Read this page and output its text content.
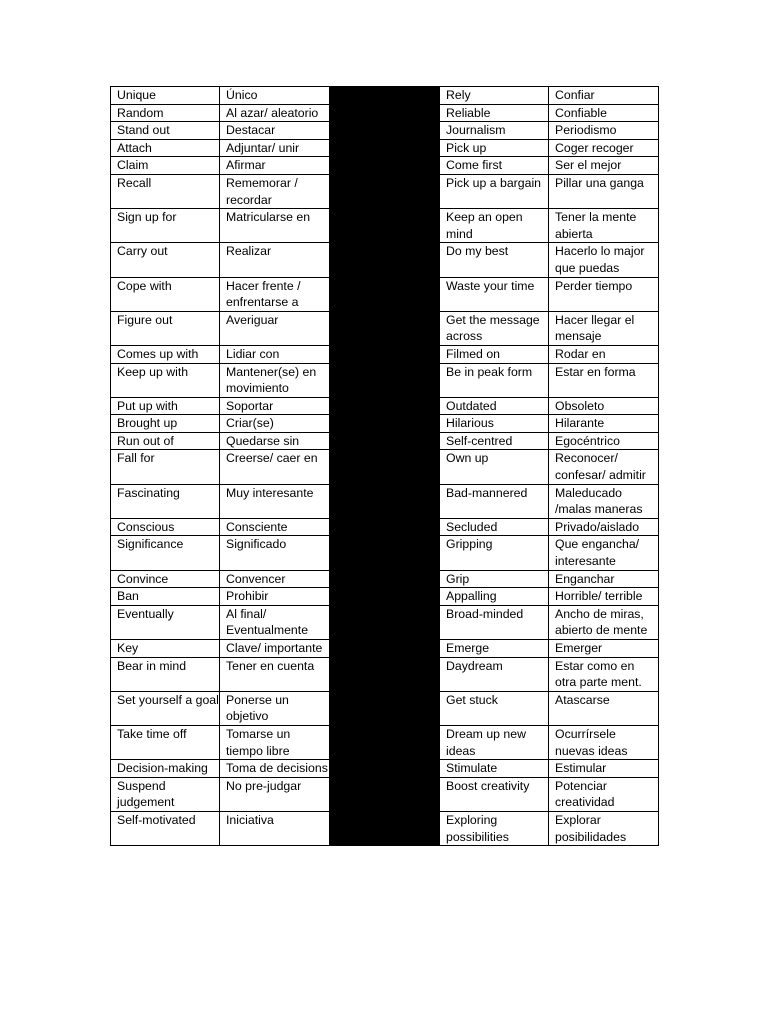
Unique	Único		Rely	Confiar
Random	Al azar/ aleatorio		Reliable	Confiable
Stand out	Destacar		Journalism	Periodismo
Attach	Adjuntar/ unir		Pick up	Coger recoger
Claim	Afirmar		Come first	Ser el mejor
Recall	Rememorar / recordar		Pick up a bargain	Pillar una ganga
Sign up for	Matricularse en		Keep an open mind	Tener la mente abierta
Carry out	Realizar		Do my best	Hacerlo lo major que puedas
Cope with	Hacer frente / enfrentarse a		Waste your time	Perder tiempo
Figure out	Averiguar		Get the message across	Hacer llegar el mensaje
Comes up with	Lidiar con		Filmed on	Rodar en
Keep up with	Mantener(se) en movimiento		Be in peak form	Estar en forma
Put up with	Soportar		Outdated	Obsoleto
Brought up	Criar(se)		Hilarious	Hilarante
Run out of	Quedarse sin		Self-centred	Egocéntrico
Fall for	Creerse/ caer en		Own up	Reconocer/ confesar/ admitir
Fascinating	Muy interesante		Bad-mannered	Maleducado /malas maneras
Conscious	Consciente		Secluded	Privado/aislado
Significance	Significado		Gripping	Que engancha/ interesante
Convince	Convencer		Grip	Enganchar
Ban	Prohibir		Appalling	Horrible/ terrible
Eventually	Al final/ Eventualmente		Broad-minded	Ancho de miras, abierto de mente
Key	Clave/ importante		Emerge	Emerger
Bear in mind	Tener en cuenta		Daydream	Estar como en otra parte ment.
Set yourself a goal	Ponerse un objetivo		Get stuck	Atascarse
Take time off	Tomarse un tiempo libre		Dream up new ideas	Ocurrírsele nuevas ideas
Decision-making	Toma de decisions		Stimulate	Estimular
Suspend judgement	No pre-judgar		Boost creativity	Potenciar creatividad
Self-motivated	Iniciativa		Exploring possibilities	Explorar posibilidades
